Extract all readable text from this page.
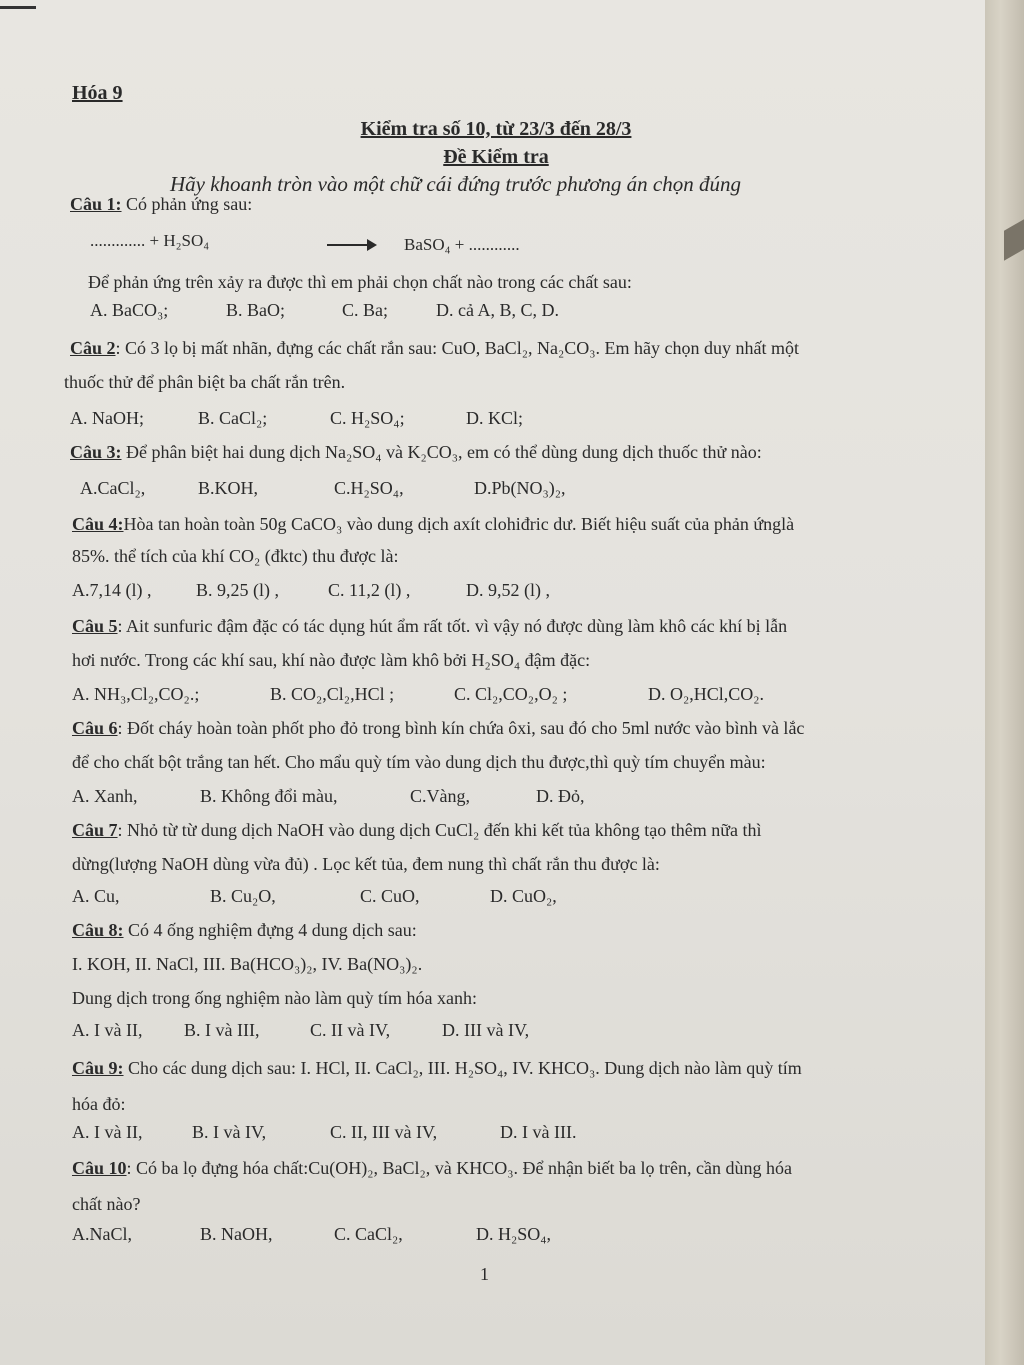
Hóa 9
Kiểm tra số 10, từ 23/3 đến 28/3
Đề Kiểm tra
Hãy khoanh tròn vào một chữ cái đứng trước phương án chọn đúng
Câu 1: Có phản ứng sau:
............. + H₂SO₄	BaSO₄ + ............
Để phản ứng trên xảy ra được thì em phải chọn chất nào trong các chất sau:
A. BaCO₃;	B. BaO;	C. Ba;	D. cả A, B, C, D.
Câu 2: Có 3 lọ bị mất nhãn, đựng các chất rắn sau: CuO, BaCl₂, Na₂CO₃. Em hãy chọn duy nhất một
thuốc thử để phân biệt ba chất rắn trên.
A. NaOH;	B. CaCl₂;	C. H₂SO₄;	D. KCl;
Câu 3: Để phân biệt hai dung dịch Na₂SO₄ và K₂CO₃, em có thể dùng dung dịch thuốc thử nào:
A.CaCl₂,	B.KOH,	C.H₂SO₄,	D.Pb(NO₃)₂,
Câu 4:Hòa tan hoàn toàn 50g CaCO₃ vào dung dịch axít clohiđric dư. Biết hiệu suất của phản ứnglà
85%. thể tích của khí CO₂ (đktc) thu được là:
A.7,14 (l) , B. 9,25 (l) ,	C. 11,2 (l) ,	D. 9,52 (l) ,
Câu 5: Ait sunfuric đậm đặc có tác dụng hút ẩm rất tốt. vì vậy nó được dùng làm khô các khí bị lẫn
hơi nước. Trong các khí sau, khí nào được làm khô bởi H₂SO₄ đậm đặc:
A. NH₃,Cl₂,CO₂.;	B. CO₂,Cl₂,HCl ;	C. Cl₂,CO₂,O₂ ;	D. O₂,HCl,CO₂.
Câu 6: Đốt cháy hoàn toàn phốt pho đỏ trong bình kín chứa ôxi, sau đó cho 5ml nước vào bình và lắc
để cho chất bột trắng tan hết. Cho mẩu quỳ tím vào dung dịch thu được,thì quỳ tím chuyển màu:
A. Xanh,	B. Không đổi màu,	C.Vàng,	D. Đỏ,
Câu 7: Nhỏ từ từ dung dịch NaOH vào dung dịch CuCl₂ đến khi kết tủa không tạo thêm nữa thì
dừng(lượng NaOH dùng vừa đủ) . Lọc kết tủa, đem nung thì chất rắn thu được là:
A. Cu,	B. Cu₂O,	C. CuO,	D. CuO₂,
Câu 8: Có 4 ống nghiệm đựng 4 dung dịch sau:
I. KOH, II. NaCl, III. Ba(HCO₃)₂, IV. Ba(NO₃)₂.
Dung dịch trong ống nghiệm nào làm quỳ tím hóa xanh:
A. I và II, B. I và III,	C. II và IV,	D. III và IV,
Câu 9: Cho các dung dịch sau: I. HCl, II. CaCl₂, III. H₂SO₄, IV. KHCO₃. Dung dịch nào làm quỳ tím
hóa đỏ:
A. I và II,	B. I và IV,	C. II, III và IV,	D. I và III.
Câu 10: Có ba lọ đựng hóa chất:Cu(OH)₂, BaCl₂, và KHCO₃. Để nhận biết ba lọ trên, cần dùng hóa
chất nào?
A.NaCl,	B. NaOH,	C. CaCl₂,	D. H₂SO₄,
1
